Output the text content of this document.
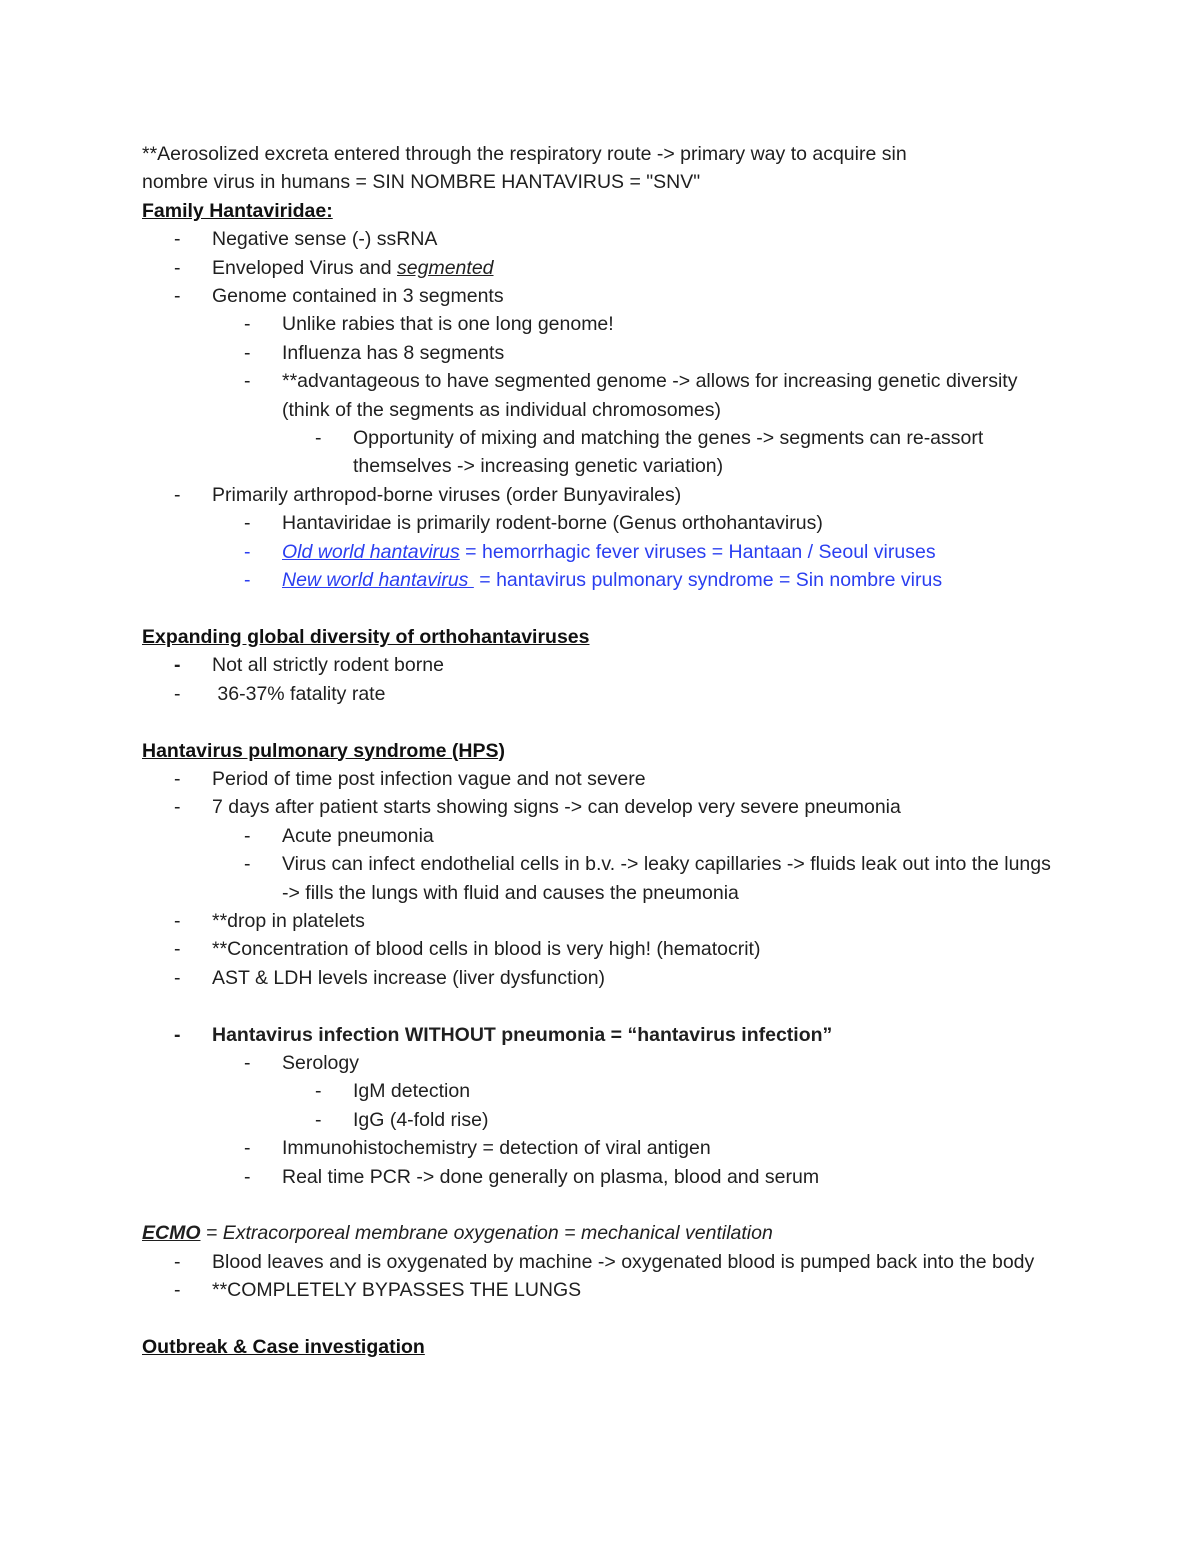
**Aerosolized excreta entered through the respiratory route -> primary way to acquire sin
nombre virus in humans = SIN NOMBRE HANTAVIRUS = "SNV"
Family Hantaviridae:
- Negative sense (-) ssRNA
- Enveloped Virus and segmented
- Genome contained in 3 segments
- Unlike rabies that is one long genome!
- Influenza has 8 segments
- **advantageous to have segmented genome -> allows for increasing genetic diversity (think of the segments as individual chromosomes)
- Opportunity of mixing and matching the genes -> segments can re-assort themselves -> increasing genetic variation)
- Primarily arthropod-borne viruses (order Bunyavirales)
- Hantaviridae is primarily rodent-borne (Genus orthohantavirus)
- Old world hantavirus = hemorrhagic fever viruses = Hantaan / Seoul viruses
- New world hantavirus  = hantavirus pulmonary syndrome = Sin nombre virus
Expanding global diversity of orthohantaviruses
- Not all strictly rodent borne
- 36-37% fatality rate
Hantavirus pulmonary syndrome (HPS)
- Period of time post infection vague and not severe
- 7 days after patient starts showing signs -> can develop very severe pneumonia
- Acute pneumonia
- Virus can infect endothelial cells in b.v. -> leaky capillaries -> fluids leak out into the lungs -> fills the lungs with fluid and causes the pneumonia
- **drop in platelets
- **Concentration of blood cells in blood is very high! (hematocrit)
- AST & LDH levels increase (liver dysfunction)
- Hantavirus infection WITHOUT pneumonia = “hantavirus infection”
- Serology
- IgM detection
- IgG (4-fold rise)
- Immunohistochemistry = detection of viral antigen
- Real time PCR -> done generally on plasma, blood and serum
ECMO = Extracorporeal membrane oxygenation = mechanical ventilation
- Blood leaves and is oxygenated by machine -> oxygenated blood is pumped back into the body
- **COMPLETELY BYPASSES THE LUNGS
Outbreak & Case investigation
